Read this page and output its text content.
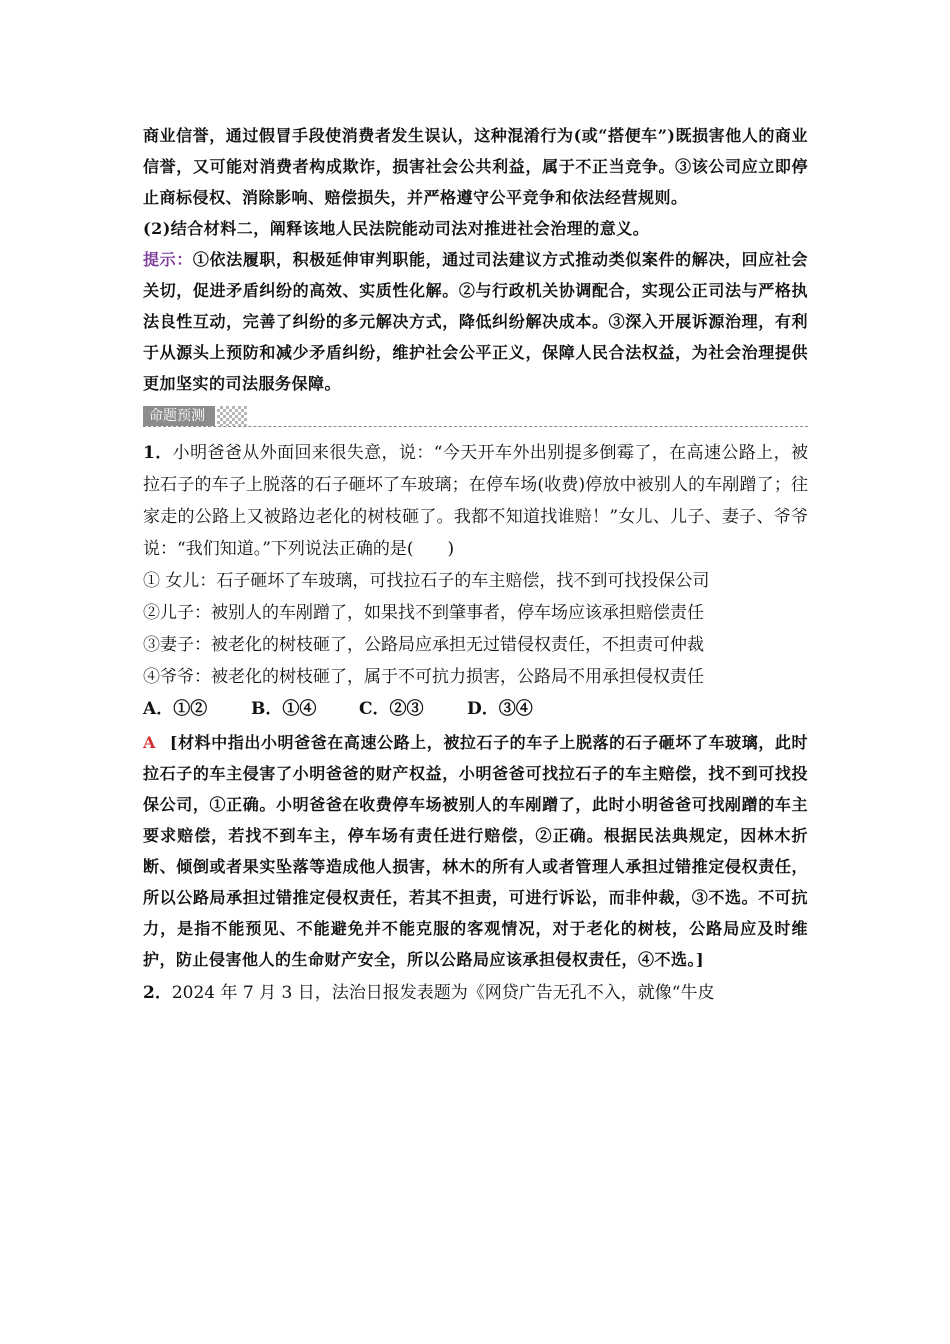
商业信誉，通过假冒手段使消费者发生误认，这种混淆行为(或“搭便车”)既损害他人的商业信誉，又可能对消费者构成欺诈，损害社会公共利益，属于不正当竞争。③该公司应立即停止商标侵权、消除影响、赔偿损失，并严格遵守公平竞争和依法经营规则。
(2)结合材料二，阐释该地人民法院能动司法对推进社会治理的意义。
提示：①依法履职，积极延伸审判职能，通过司法建议方式推动类似案件的解决，回应社会关切，促进矛盾纠纷的高效、实质性化解。②与行政机关协调配合，实现公正司法与严格执法良性互动，完善了纠纷的多元解决方式，降低纠纷解决成本。③深入开展诉源治理，有利于从源头上预防和减少矛盾纠纷，维护社会公平正义，保障人民合法权益，为社会治理提供更加坚实的司法服务保障。
命题预测
1．小明爸爸从外面回来很失意，说：“今天开车外出别提多倒霉了，在高速公路上，被拉石子的车子上脱落的石子砸坏了车玻璃；在停车场(收费)停放中被别人的车剐蹭了；往家走的公路上又被路边老化的树枝砸了。我都不知道找谁赔！”女儿、儿子、妻子、爷爷说：“我们知道。”下列说法正确的是(　　)
① 女儿：石子砸坏了车玻璃，可找拉石子的车主赔偿，找不到可找投保公司
②儿子：被别人的车剐蹭了，如果找不到肇事者，停车场应该承担赔偿责任
③妻子：被老化的树枝砸了，公路局应承担无过错侵权责任，不担责可仲裁
④爷爷：被老化的树枝砸了，属于不可抗力损害，公路局不用承担侵权责任
A．①②	B．①④	C．②③	D．③④
A [材料中指出小明爸爸在高速公路上，被拉石子的车子上脱落的石子砸坏了车玻璃，此时拉石子的车主侵害了小明爸爸的财产权益，小明爸爸可找拉石子的车主赔偿，找不到可找投保公司，①正确。小明爸爸在收费停车场被别人的车剐蹭了，此时小明爸爸可找剐蹭的车主要求赔偿，若找不到车主，停车场有责任进行赔偿，②正确。根据民法典规定，因林木折断、倾倒或者果实坠落等造成他人损害，林木的所有人或者管理人承担过错推定侵权责任，所以公路局承担过错推定侵权责任，若其不担责，可进行诉讼，而非仲裁，③不选。不可抗力，是指不能预见、不能避免并不能克服的客观情况，对于老化的树枝，公路局应及时维护，防止侵害他人的生命财产安全，所以公路局应该承担侵权责任，④不选。]
2．2024 年 7 月 3 日，法治日报发表题为《网贷广告无孔不入，就像“牛皮
